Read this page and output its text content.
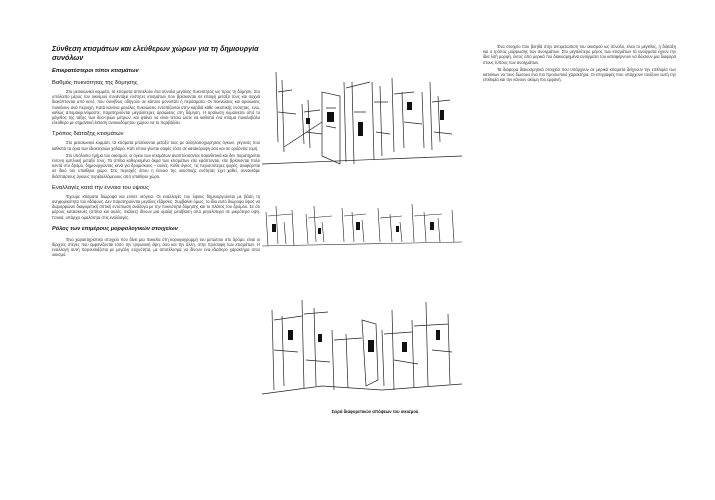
Σύνθεση κτισμάτων και ελεύθερων χώρων για τη δημιουργία συνόλων
Επικρατέστεροι τύποι κτισμάτων
Βαθμός πυκνότητας της δόμησης

Στο μεσαιωνικό κομμάτι, τα κτίσματα αποτελούν ένα σύνολο μεγάλης πυκνότητας ως προς τη δόμηση. Στο υπόλοιπο μέρος του οικισμού συναντάμε ενότητες κτισμάτων που βρίσκονται σε επαφή μεταξύ τους και συχνά διακόπτονται από κενό, που συνήθως οδηγούν σε κάποιο μονοπάτι ή περάσματα. Οι πυκνώσεις και αραιώσεις ποικίλουν ανά περιοχή. Κατά κανόνα μεγάλες πυκνώσεις εντοπίζονται στην καρδιά κάθε οικιστικής ενότητας, ενώ, καθώς απομακρυνόμαστε, παρατηρούνται μεγαλύτερες αραιώσεις στη δόμηση. Η αραίωση κυμαίνεται από το μέγεθος της τάξης των δύο-τριών μέτρων, και φτάνει να είναι τέτοια ώστε να καθιστά ένα κτίσμα ποικιλοβόλο ελεύθερο με σημαντική έκταση ανοικοδόμητου χώρου να το περιβάλλει.

Τρόπος διάταξης κτισμάτων

Στο μεσαιωνικό κομμάτι, τα κτίσματα μπλέκονται μεταξύ τους με αλληλοεισχωρήσεις όγκων, γεγονός που καθιστά τα όρια των ιδιοκτησιών χαλαρά. Κάτι τέτοιο γίνεται σαφές τόσο σε κατακόρυφη όσο και σε οριζόντια τομή.

Στο υπόλοιπο τμήμα του οικισμού, οι όγκοι των κτισμάτων αναπτύσσονται παραθετικά και δεν παρατηρείται έντονη εμπλοκή μεταξύ τους. Τα σπίτια καθορισμένα άκρα των κτισμάτων είτε εφάπτονται, είτε βρίσκονται πολύ κοντά στο δρόμο, δημιουργώντας κενά για δροµίσκους – αυλές. Κάθε όγκος, τις περισσότερες φορές, αναφέρεται σε δικό του υπαίθριο χώρο. Στις περιοχές όπου η έννοια της οικιστικής ενότητας έχει χαθεί, συναντάμε διάσπαρτους όγκους περιβαλλόμενους από υπαίθριο χώρο.

Εναλλαγές κατά την έννοια του ύψους

Έχουμε κτίσματα διώροφα και ενίοτε ισόγεια. Οι εναλλαγές του ύψους δημιουργούνται με βάση τη ανηφορικότητα του εδάφους. Δεν παρατηρούνται μεγάλες εξάρσεις. Συμβαίνει όμως, το ίδιο αυτό διώροφο ύψος να διαμορφώνει διαφορετική οπτική εντύπωση ανάλογα με την πυκνότητα δόμησης και το πλάτος του δρόμου. Σε ότι μέρους κατασκευές (σπίτια και αυλές, σκάλες) δίνουν μια ομαλή μετάβαση από μεγαλύτερα σε μικρότερα ύψη. Γενικά, υπάρχει ομαλότητα στις εναλλαγές.

Ρόλος των επιμέρους μορφολογικών στοιχείων

Ένα χαρακτηριστικό στοιχείο που δίνει μια ποικιλία στη κορυφογραμμή του μετώπου στο δρόμο, είναι οι δίριχτες στέγες που εμφανίζονται τόσο την τριγωνική όψη, όσο και την άλλη, στην πρόσοψη των κτισμάτων. Η εναλλαγή αυτή παρουσιάζεται με μεγάλη συχνότητα, με αποτέλεσμα να δίνουν ένα ιδιαίτερο χαρακτήρα στον οικισμό.

Σειρά διαφορετικών απόψεων του οικισμού

Ένα στοιχείο που βοηθά στην αντιμετώπιση του οικισμού ως σύνολο, είναι το μέγεθος, η διάταξη και ο τρόπος μόρφωσης των ανοιγμάτων. Στο μεγαλύτερο μέρος των κτισμάτων τα ανοίγματα έχουν την ίδια λιτή μορφή, έκτος από μερικά πιο διακοσμημένα ανοίγματα του καταφέρνουν να δώσουν μια διαφορά στους τύπους των ανοιγμάτων.

Τα διάφορα διακοσμητικά στοιχεία που υπάρχουν σε μερικά κτίσματα δείχνουν την επιθυμία των κατοίκων να τους δώσουν ένα πιο προσωπικό χαρακτήρα. Οι επιγραφές που υπάρχουν τονίζουν αυτή την επιθυμία και την κάνουν ακόμη πιο εμφανή.
